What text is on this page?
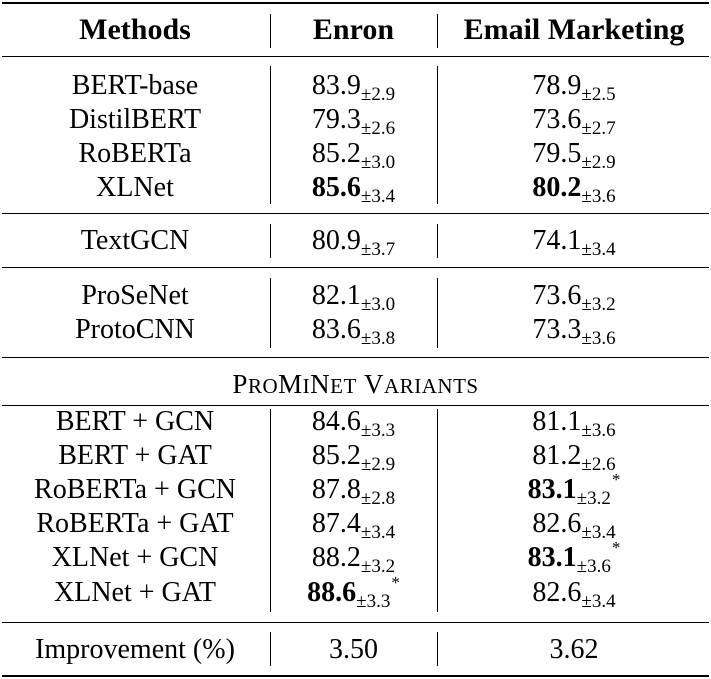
Methods	Enron	Email Marketing
BERT-base	$83.9_{\pm 2.9}$	$78.9_{\pm 2.5}$
DistilBERT	$79.3_{\pm 2.6}$	$73.6_{\pm 2.7}$
RoBERTa	$85.2_{\pm 3.0}$	$79.5_{\pm 2.9}$
XLNet	$85.6_{\pm 3.4}$	$80.2_{\pm 3.6}$
TextGCN	$80.9_{\pm 3.7}$	$74.1_{\pm 3.4}$
ProSeNet	$82.1_{\pm 3.0}$	$73.6_{\pm 3.2}$
ProtoCNN	$83.6_{\pm 3.8}$	$73.3_{\pm 3.6}$
PROMINET VARIANTS
BERT + GCN	$84.6_{\pm 3.3}$	$81.1_{\pm 3.6}$
BERT + GAT	$85.2_{\pm 2.9}$	$81.2_{\pm 2.6}$
RoBERTa + GCN	$87.8_{\pm 2.8}$	$83.1_{\pm 3.2}^*$
RoBERTa + GAT	$87.4_{\pm 3.4}$	$82.6_{\pm 3.4}$
XLNet + GCN	$88.2_{\pm 3.2}$	$83.1_{\pm 3.6}^*$
XLNet + GAT	$88.6_{\pm 3.3}^*$	$82.6_{\pm 3.4}$
Improvement (%)	3.50	3.62
